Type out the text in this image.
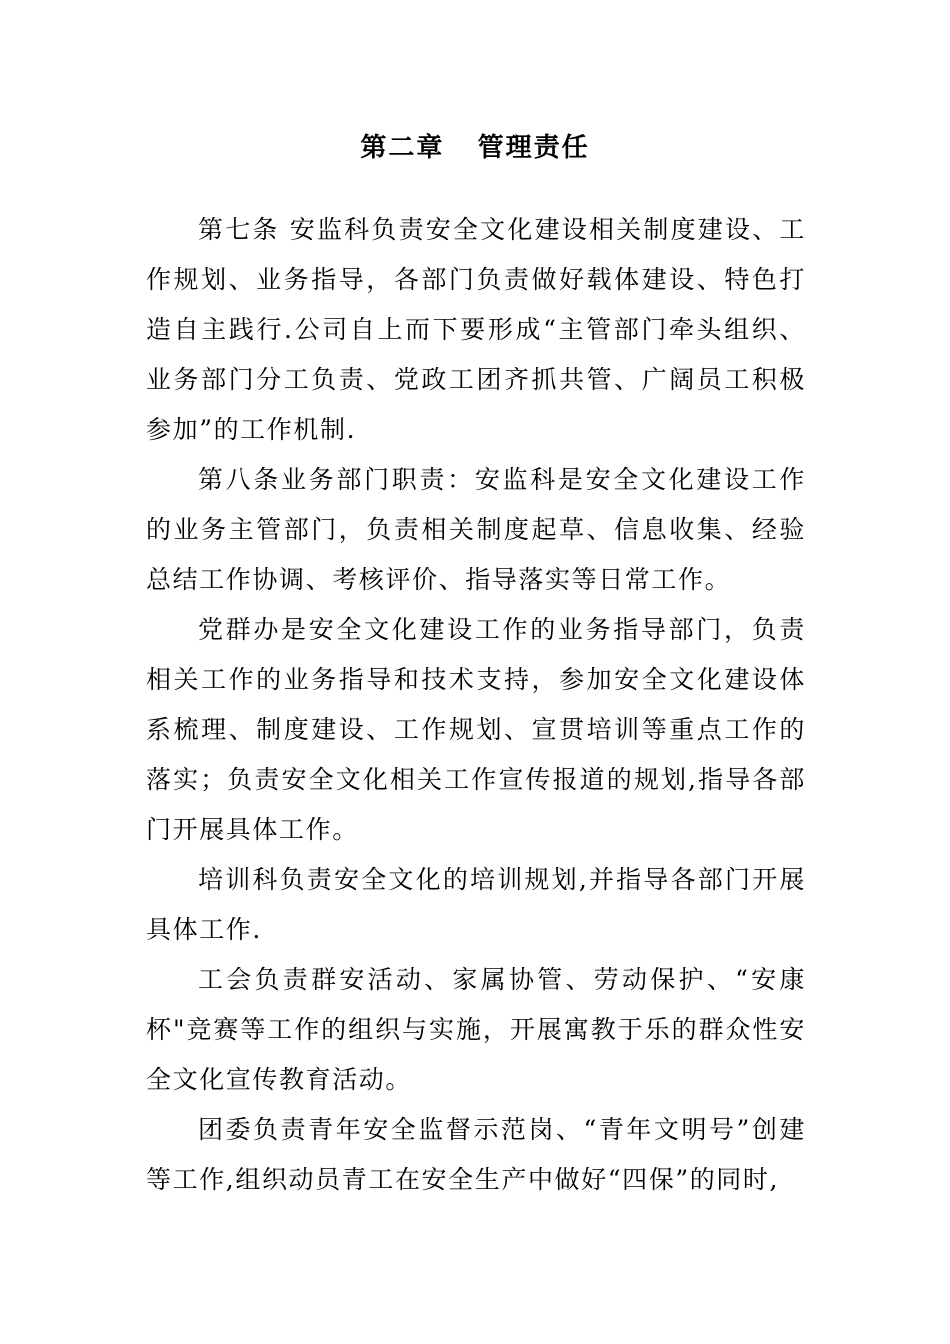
第二章   管理责任

第七条 安监科负责安全文化建设相关制度建设、工作规划、业务指导，各部门负责做好载体建设、特色打造自主践行.公司自上而下要形成“主管部门牵头组织、业务部门分工负责、党政工团齐抓共管、广阔员工积极参加”的工作机制.

第八条业务部门职责：安监科是安全文化建设工作的业务主管部门，负责相关制度起草、信息收集、经验总结工作协调、考核评价、指导落实等日常工作。

党群办是安全文化建设工作的业务指导部门，负责相关工作的业务指导和技术支持，参加安全文化建设体系梳理、制度建设、工作规划、宣贯培训等重点工作的落实；负责安全文化相关工作宣传报道的规划,指导各部门开展具体工作。

培训科负责安全文化的培训规划,并指导各部门开展具体工作.

工会负责群安活动、家属协管、劳动保护、“安康杯"竞赛等工作的组织与实施，开展寓教于乐的群众性安全文化宣传教育活动。

团委负责青年安全监督示范岗、“青年文明号”创建等工作,组织动员青工在安全生产中做好“四保”的同时,
